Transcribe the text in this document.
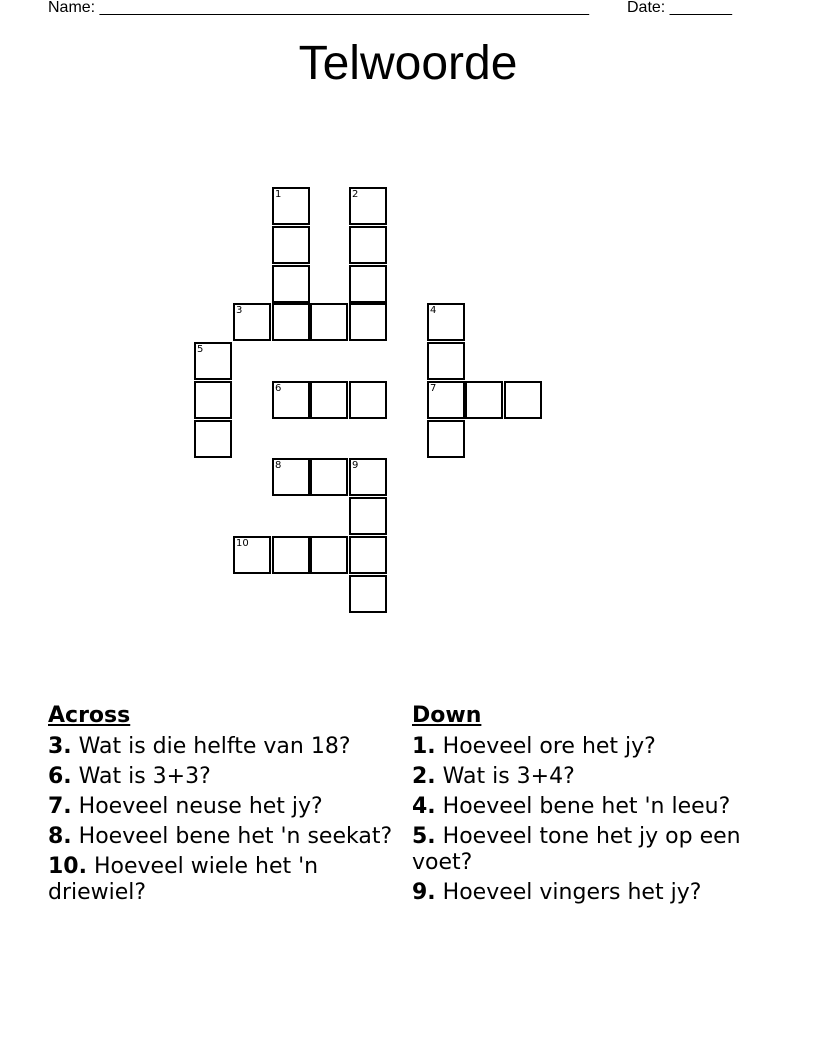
Name: _______________________________________________________ Date: _______
Telwoorde
1	2
3	4
5
6	7
8	9
10
Across
3. Wat is die helfte van 18?
6. Wat is 3+3?
7. Hoeveel neuse het jy?
8. Hoeveel bene het 'n seekat?
10. Hoeveel wiele het 'n driewiel?
Down
1. Hoeveel ore het jy?
2. Wat is 3+4?
4. Hoeveel bene het 'n leeu?
5. Hoeveel tone het jy op een voet?
9. Hoeveel vingers het jy?
